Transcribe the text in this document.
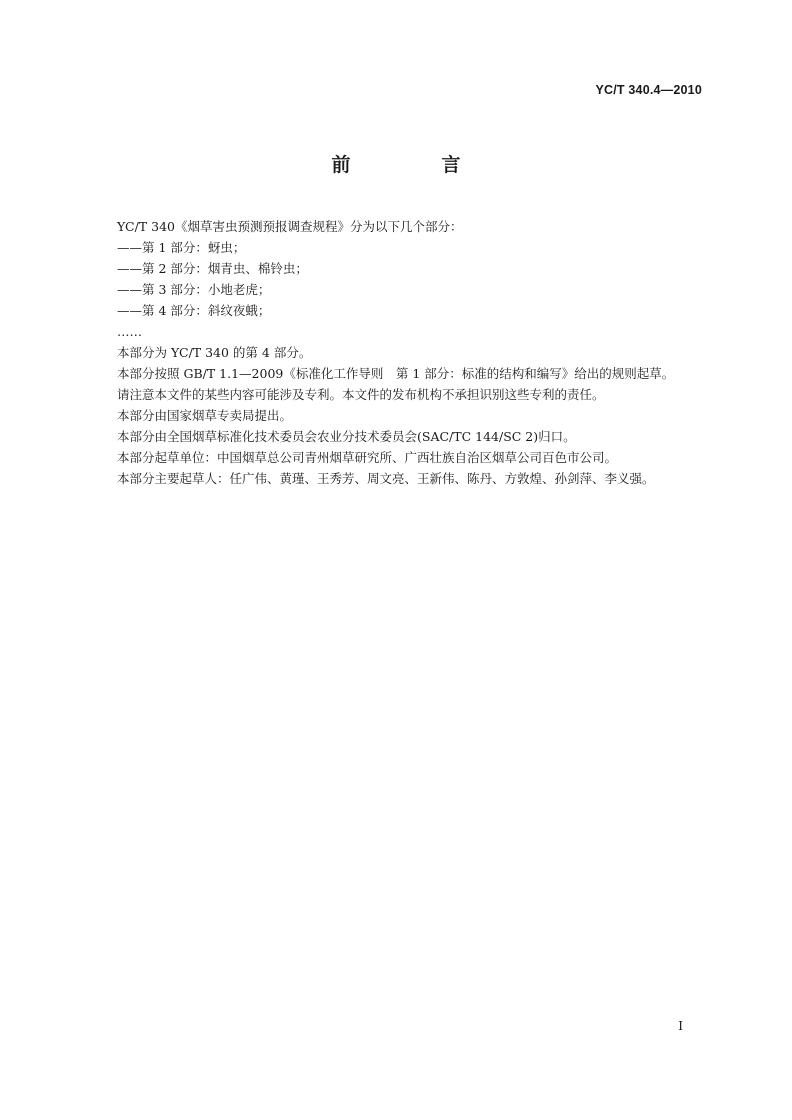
YC/T 340.4—2010
前　言
YC/T 340《烟草害虫预测预报调查规程》分为以下几个部分：
——第 1 部分：蚜虫；
——第 2 部分：烟青虫、棉铃虫；
——第 3 部分：小地老虎；
——第 4 部分：斜纹夜蛾；
……
本部分为 YC/T 340 的第 4 部分。
本部分按照 GB/T 1.1—2009《标准化工作导则　第 1 部分：标准的结构和编写》给出的规则起草。
请注意本文件的某些内容可能涉及专利。本文件的发布机构不承担识别这些专利的责任。
本部分由国家烟草专卖局提出。
本部分由全国烟草标准化技术委员会农业分技术委员会(SAC/TC 144/SC 2)归口。
本部分起草单位：中国烟草总公司青州烟草研究所、广西壮族自治区烟草公司百色市公司。
本部分主要起草人：任广伟、黄瑾、王秀芳、周文亮、王新伟、陈丹、方敦煌、孙剑萍、李义强。
I
